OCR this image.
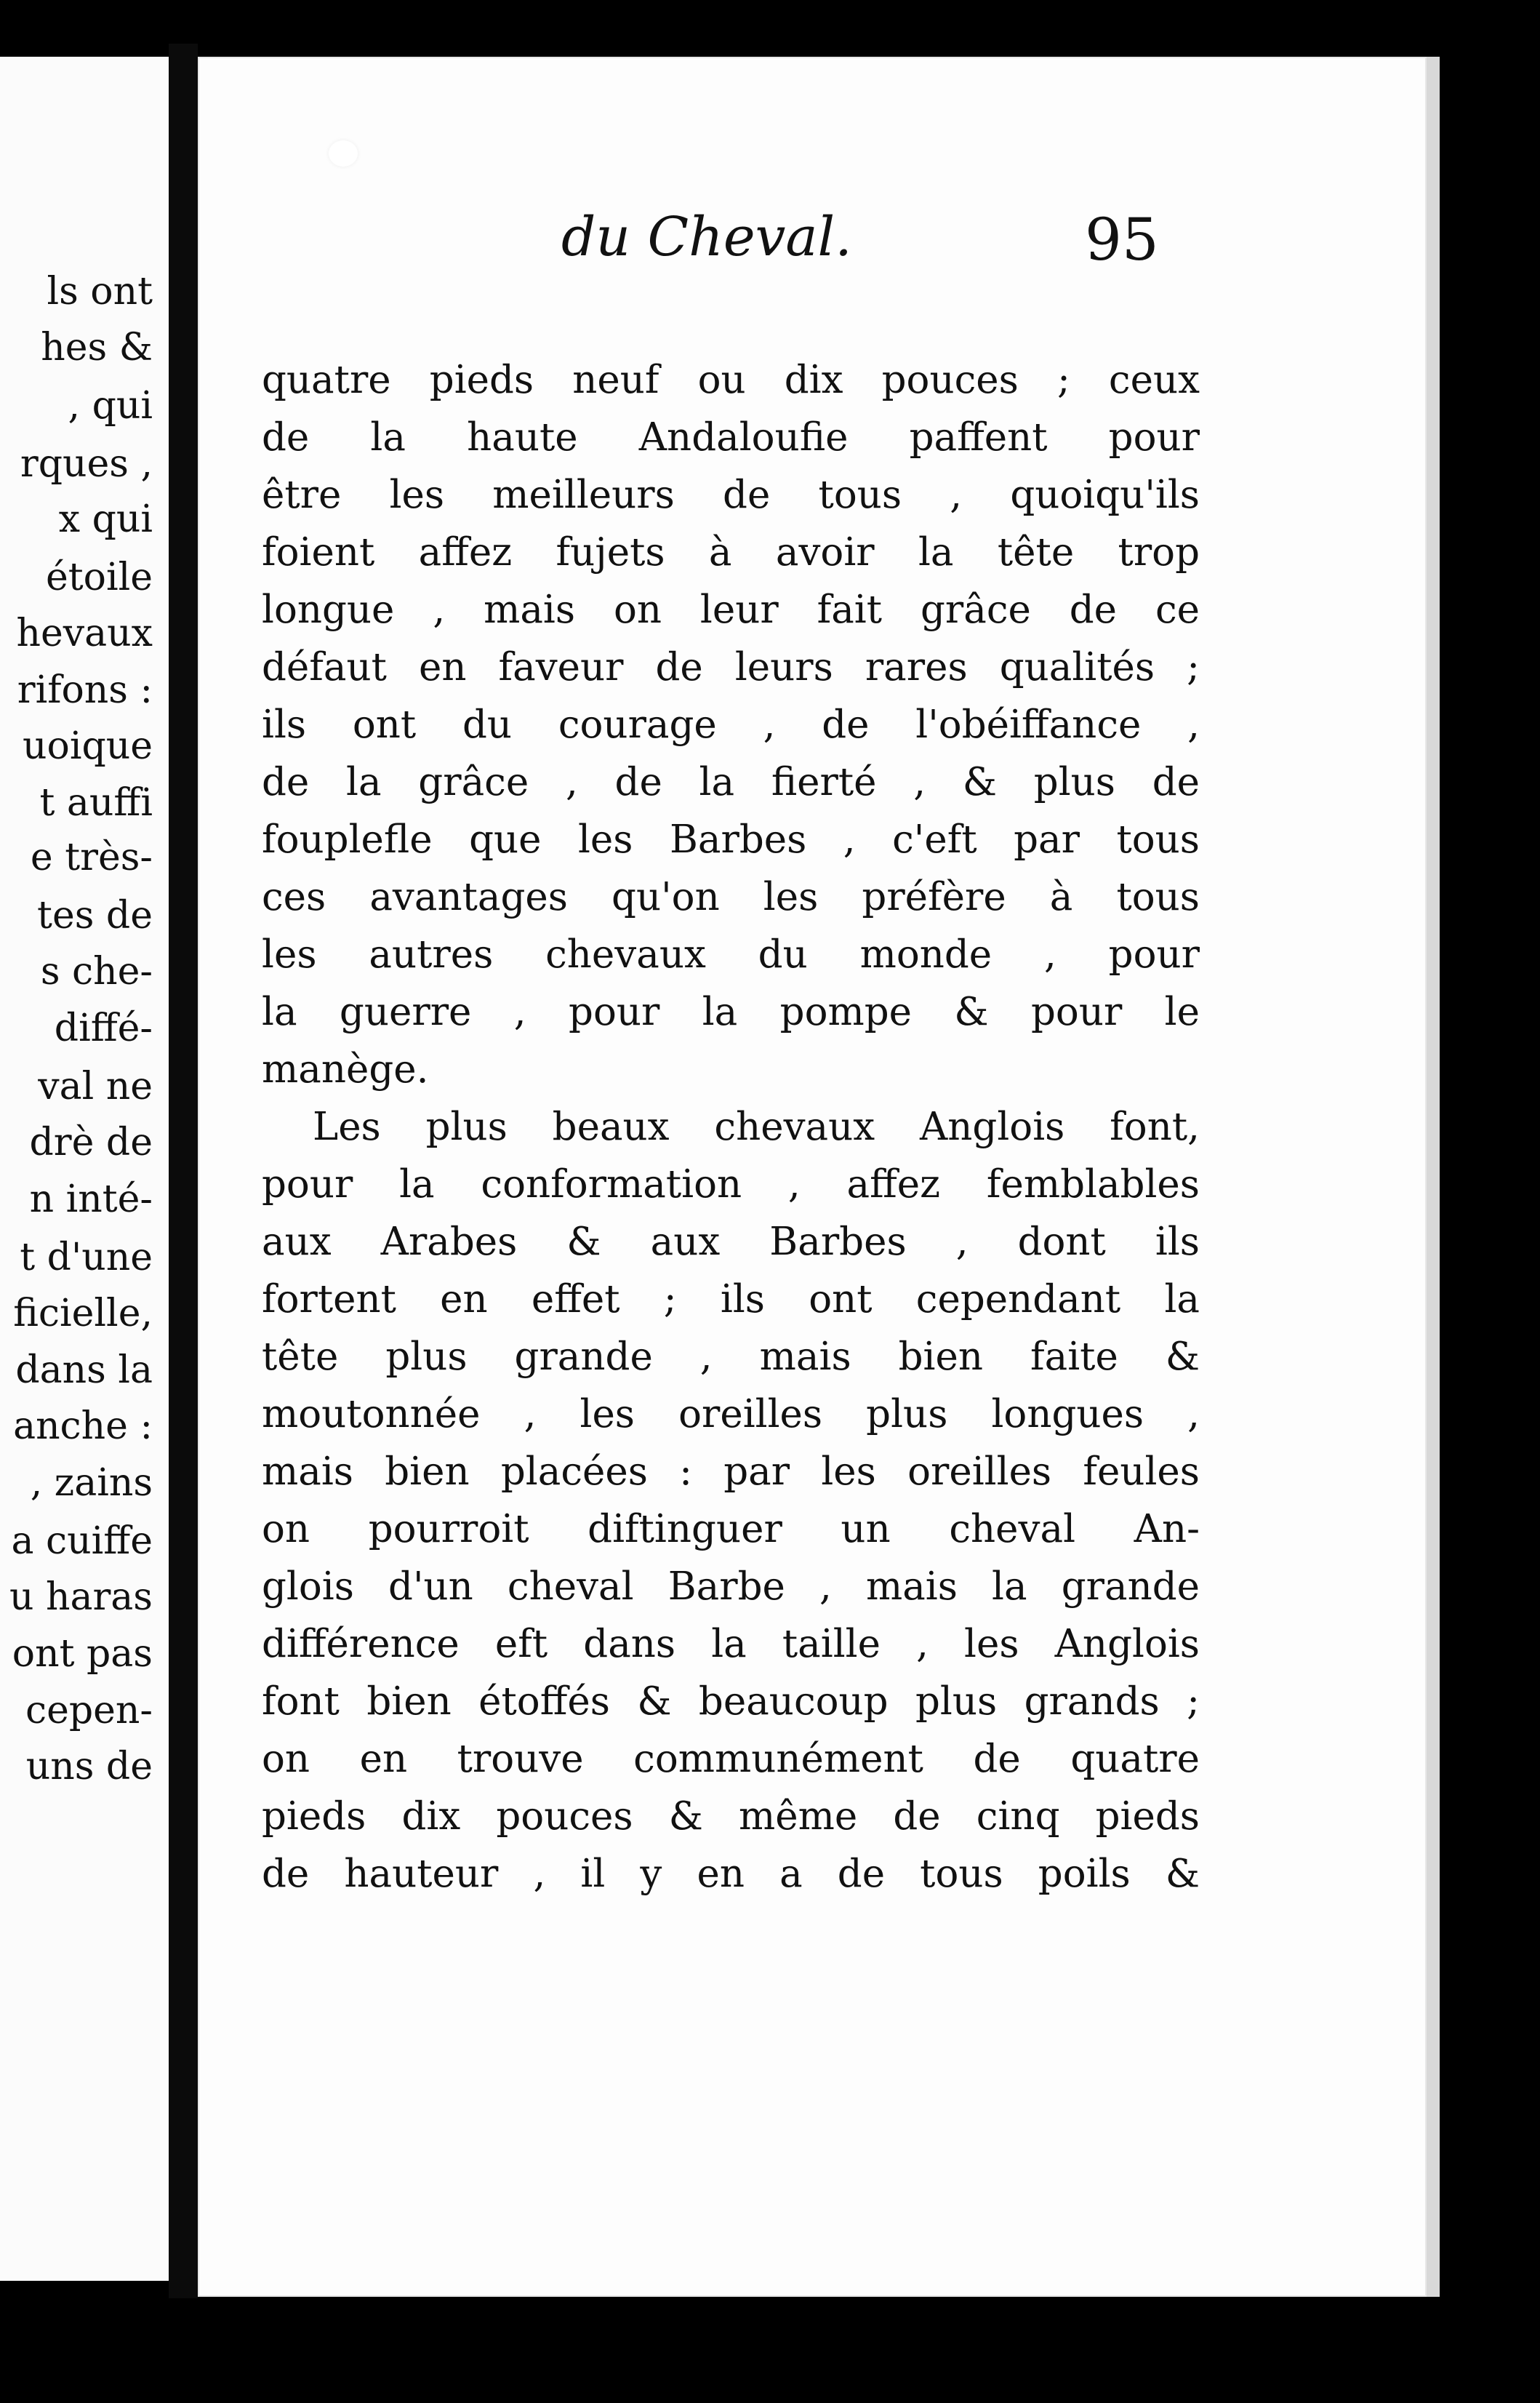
ls ont
hes &
, qui
rques ,
x qui
étoile
hevaux
rifons :
uoique
t auffi
e très-
tes de
s che-
diffé-
val ne
drè de
n inté-
t d'une
ficielle,
dans la
anche :
, zains
a cuiffe
u haras
ont pas
cepen-
uns de
du Cheval.	95
quatre pieds neuf ou dix pouces ; ceux
de la haute Andaloufie paffent pour
être les meilleurs de tous , quoiqu'ils
foient affez fujets à avoir la tête trop
longue , mais on leur fait grâce de ce
défaut en faveur de leurs rares qualités ;
ils ont du courage , de l'obéiffance ,
de la grâce , de la fierté , & plus de
fouplefle que les Barbes , c'eft par tous
ces avantages qu'on les préfère à tous
les autres chevaux du monde , pour
la guerre , pour la pompe & pour le
manège.
Les plus beaux chevaux Anglois font,
pour la conformation , affez femblables
aux Arabes & aux Barbes , dont ils
fortent en effet ; ils ont cependant la
tête plus grande , mais bien faite &
moutonnée , les oreilles plus longues ,
mais bien placées : par les oreilles feules
on pourroit diftinguer un cheval An-
glois d'un cheval Barbe , mais la grande
différence eft dans la taille , les Anglois
font bien étoffés & beaucoup plus grands ;
on en trouve communément de quatre
pieds dix pouces & même de cinq pieds
de hauteur , il y en a de tous poils &
